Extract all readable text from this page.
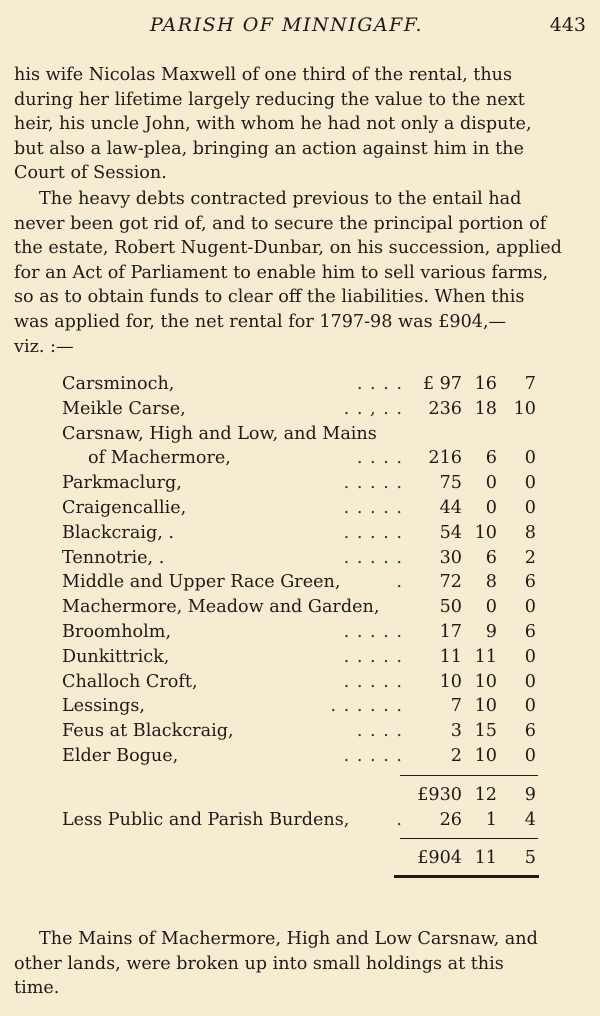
PARISH OF MINNIGAFF.	443

his wife Nicolas Maxwell of one third of the rental, thus
during her lifetime largely reducing the value to the next
heir, his uncle John, with whom he had not only a dispute,
but also a law-plea, bringing an action against him in the
Court of Session.

The heavy debts contracted previous to the entail had
never been got rid of, and to secure the principal portion of
the estate, Robert Nugent-Dunbar, on his succession, applied
for an Act of Parliament to enable him to sell various farms,
so as to obtain funds to clear off the liabilities. When this
was applied for, the net rental for 1797-98 was £904,—
viz. :—

Carsminoch,	. . . . £ 97 16 7
Meikle Carse,	. . , . . 236 18 10
Carsnaw, High and Low, and Mains
of Machermore,	. . . . 216 6 0
Parkmaclurg,	. . . . . 75 0 0
Craigencallie,	. . . . . 44 0 0
Blackcraig, .	. . . . . 54 10 8
Tennotrie, .	. . . . . 30 6 2
Middle and Upper Race Green,	. 72 8 6
Machermore, Meadow and Garden,	50 0 0
Broomholm,	. . . . . 17 9 6
Dunkittrick,	. . . . . 11 11 0
Challoch Croft,	. . . . . 10 10 0
Lessings,	. . . . . .	7 10 0
Feus at Blackcraig,	. . . .	3 15 6
Elder Bogue,	. . . . .	2 10 0
£930 12 9
Less Public and Parish Burdens,	. 26 1 4
£904 11 5

The Mains of Machermore, High and Low Carsnaw, and
other lands, were broken up into small holdings at this
time.
